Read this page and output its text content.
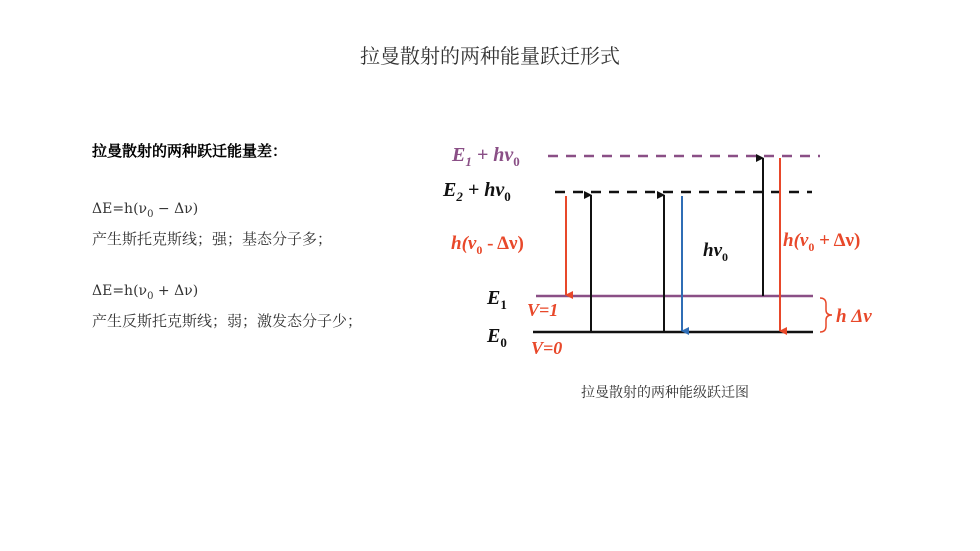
拉曼散射的两种能量跃迁形式
拉曼散射的两种跃迁能量差：
$\Delta E=h(\nu_0 - \Delta\nu)$
产生斯托克斯线；强；基态分子多；
$\Delta E=h(\nu_0 + \Delta\nu)$
产生反斯托克斯线；弱；激发态分子少；
$E_1 + h\nu_0$
$E_2 + h\nu_0$
$E_1$
$E_0$
V=1
V=0
$h(\nu_0 - \Delta\nu)$	$h\nu_0$
$h(\nu_0 + \Delta\nu)$
h Δν
拉曼散射的两种能级跃迁图
